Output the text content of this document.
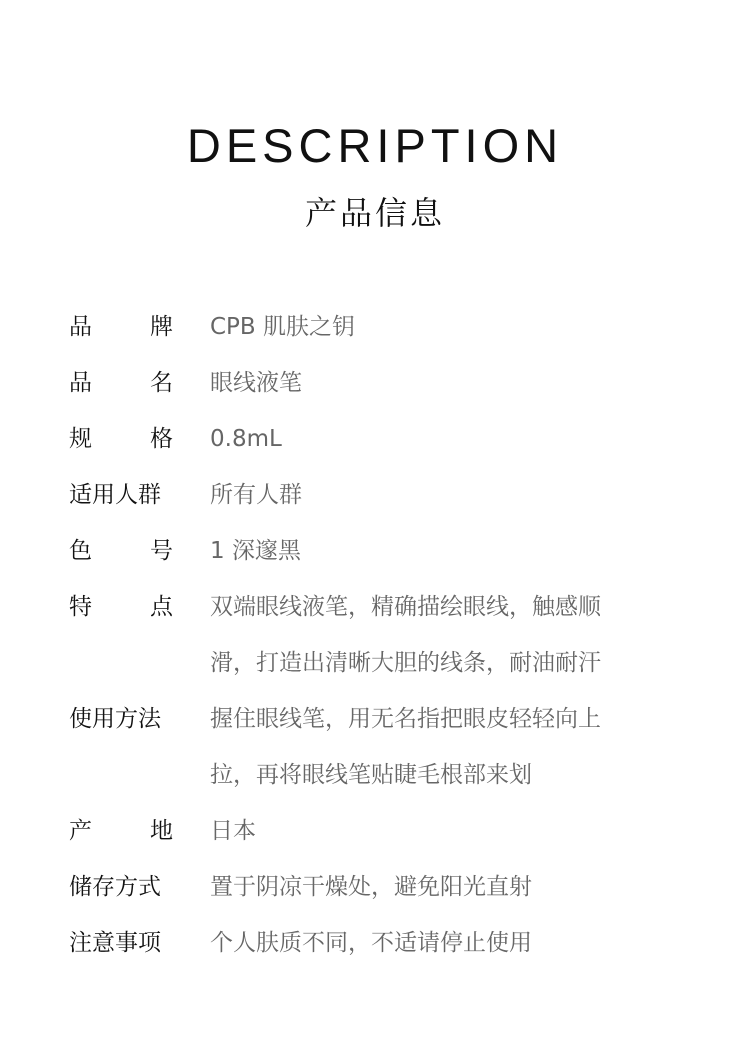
DESCRIPTION
产品信息
品	牌 CPB 肌肤之钥
品	名 眼线液笔
规	格 0.8mL
适用人群 所有人群
色	号 1 深邃黑
特	点 双端眼线液笔，精确描绘眼线，触感顺
滑，打造出清晰大胆的线条，耐油耐汗
使用方法 握住眼线笔，用无名指把眼皮轻轻向上
拉，再将眼线笔贴睫毛根部来划
产	地 日本
储存方式 置于阴凉干燥处，避免阳光直射
注意事项 个人肤质不同，不适请停止使用
